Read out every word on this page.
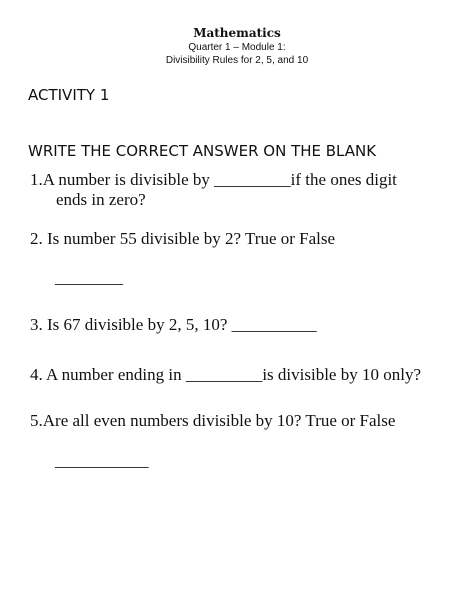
Mathematics
Quarter 1 – Module 1:
Divisibility Rules for 2, 5, and 10
ACTIVITY 1
WRITE THE CORRECT ANSWER ON THE BLANK
1.A number is divisible by _________if the ones digit
ends in zero?
2. Is number 55 divisible by 2? True or False
________
3. Is 67 divisible by 2, 5, 10? __________
4. A number ending in _________is divisible by 10 only?
5.Are all even numbers divisible by 10? True or False
___________
